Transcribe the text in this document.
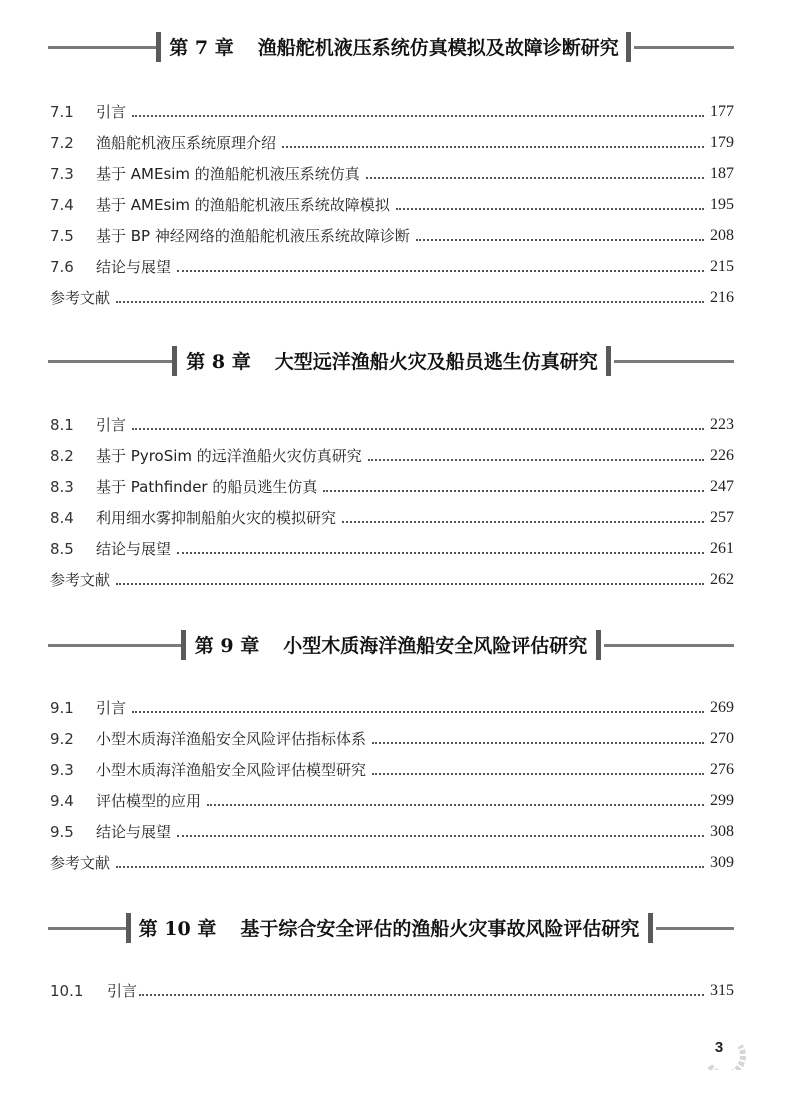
第 7 章 渔船舵机液压系统仿真模拟及故障诊断研究
7.1	引言	177
7.2	渔船舵机液压系统原理介绍	179
7.3	基于 AMEsim 的渔船舵机液压系统仿真	187
7.4	基于 AMEsim 的渔船舵机液压系统故障模拟	195
7.5	基于 BP 神经网络的渔船舵机液压系统故障诊断	208
7.6	结论与展望	215
参考文献	216
第 8 章 大型远洋渔船火灾及船员逃生仿真研究
8.1	引言	223
8.2	基于 PyroSim 的远洋渔船火灾仿真研究	226
8.3	基于 Pathfinder 的船员逃生仿真	247
8.4	利用细水雾抑制船舶火灾的模拟研究	257
8.5	结论与展望	261
参考文献	262
第 9 章 小型木质海洋渔船安全风险评估研究
9.1	引言	269
9.2	小型木质海洋渔船安全风险评估指标体系	270
9.3	小型木质海洋渔船安全风险评估模型研究	276
9.4	评估模型的应用	299
9.5	结论与展望	308
参考文献	309
第 10 章 基于综合安全评估的渔船火灾事故风险评估研究
10.1	引言	315
3
